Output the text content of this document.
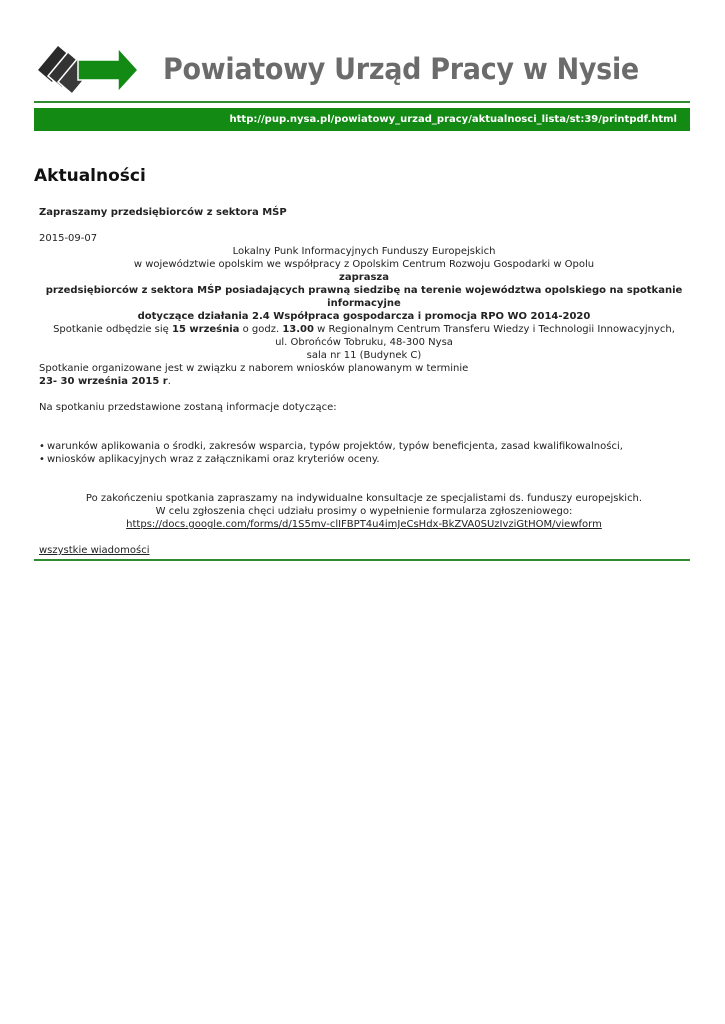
Powiatowy Urząd Pracy w Nysie
http://pup.nysa.pl/powiatowy_urzad_pracy/aktualnosci_lista/st:39/printpdf.html
Aktualności

Zapraszamy przedsiębiorców z sektora MŚP

2015-09-07

Lokalny Punk Informacyjnych Funduszy Europejskich

w województwie opolskim we współpracy z Opolskim Centrum Rozwoju Gospodarki w Opolu

zaprasza

przedsiębiorców z sektora MŚP posiadających prawną siedzibę na terenie województwa opolskiego na spotkanie informacyjne

dotyczące działania 2.4 Współpraca gospodarcza i promocja RPO WO 2014-2020

Spotkanie odbędzie się 15 września o godz. 13.00 w Regionalnym Centrum Transferu Wiedzy i Technologii Innowacyjnych,

ul. Obrońców Tobruku, 48-300 Nysa

sala nr 11 (Budynek C)

Spotkanie organizowane jest w związku z naborem wniosków planowanym w terminie

23- 30 września 2015 r.

Na spotkaniu przedstawione zostaną informacje dotyczące:

• warunków aplikowania o środki, zakresów wsparcia, typów projektów, typów beneficjenta, zasad kwalifikowalności,
• wniosków aplikacyjnych wraz z załącznikami oraz kryteriów oceny.

Po zakończeniu spotkania zapraszamy na indywidualne konsultacje ze specjalistami ds. funduszy europejskich.

W celu zgłoszenia chęci udziału prosimy o wypełnienie formularza zgłoszeniowego:

https://docs.google.com/forms/d/1S5mv-clIFBPT4u4imJeCsHdx-BkZVA0SUzIvziGtHOM/viewform

wszystkie wiadomości
